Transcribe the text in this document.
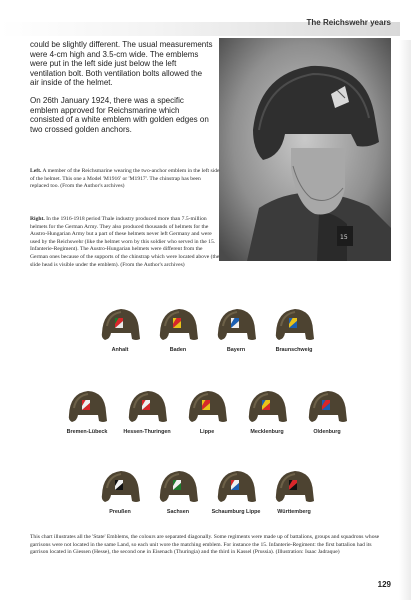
The Reichswehr years

could be slightly different. The usual measurements were 4-cm high and 3.5-cm wide. The emblems were put in the left side just below the left ventilation bolt. Both ventilation bolts allowed the air inside of the helmet.

On 26th January 1924, there was a specific emblem approved for Reichsmarine which consisted of a white emblem with golden edges on two crossed golden anchors.

15

Left. A member of the Reichsmarine wearing the two-anchor emblem in the left side of the helmet. This one a Model 'M1916' or 'M1917'. The chinstrap has been replaced too. (From the Author's archives)

Right. In the 1916-1918 period Thale industry produced more than 7.5-million helmets for the German Army. They also produced thousands of helmets for the Austro-Hungarian Army but a part of these helmets never left Germany and were used by the Reichswehr (like the helmet worn by this soldier who served in the 15. Infanterie-Regiment). The Austro-Hungarian helmets were different from the German ones because of the supports of the chinstrap which were located above (the slide head is visible under the emblem). (From the Author's archives)

Anhalt	Baden	Bayern	Braunschweig
Bremen-Lübeck	Hessen-Thuringen	Lippe	Mecklenburg	Oldenburg
Preußen	Sachsen	Schaumburg Lippe	Württemberg

This chart illustrates all the 'State' Emblems, the colours are separated diagonally. Some regiments were made up of battalions, groups and squadrons whose garrisons were not located in the same Land, so each unit wore the matching emblem. For instance the 15. Infanterie-Regiment: the first battalion had its garrison located in Giessen (Hesse), the second one in Eisenach (Thuringia) and the third in Kassel (Prussia). (Illustration: Isaac Jadraque)

129
